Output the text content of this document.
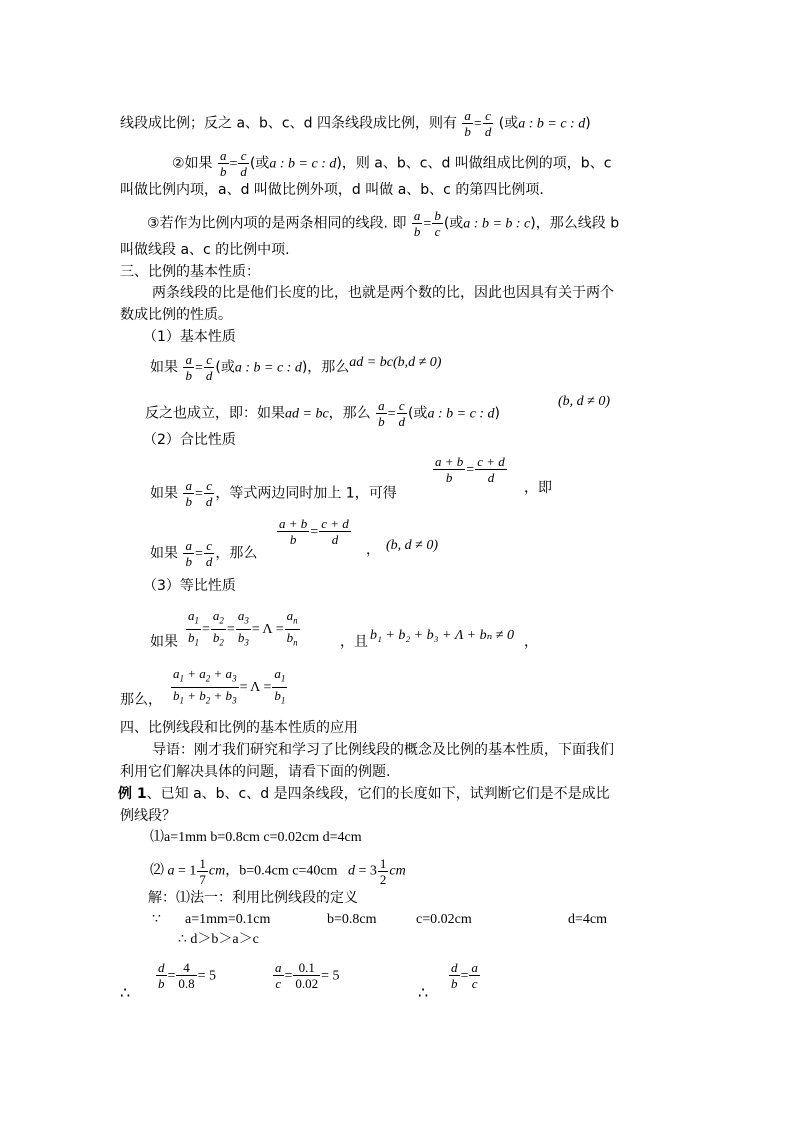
线段成比例；反之 a、b、c、d 四条线段成比例，则有 $\frac{a}{b} = \frac{c}{d}$ (或a : b = c : d)
②如果 $\frac{a}{b} = \frac{c}{d}$ (或a : b = c : d)，则 a、b、c、d 叫做组成比例的项，b、c
叫做比例内项，a、d 叫做比例外项，d 叫做 a、b、c 的第四比例项.
③若作为比例内项的是两条相同的线段. 即 $\frac{a}{b} = \frac{b}{c}$ (或a : b = b : c)，那么线段 b
叫做线段 a、c 的比例中项.
三、比例的基本性质：
两条线段的比是他们长度的比，也就是两个数的比，因此也因具有关于两个
数成比例的性质。
（1）基本性质
如果 $\frac{a}{b} = \frac{c}{d}$ (或a : b = c : d)，那么ad = bc(b,d ≠ 0)
反之也成立，即：如果ad = bc，那么 $\frac{a}{b} = \frac{c}{d}$ (或a : b = c : d)
(b, d ≠ 0)
（2）合比性质
如果 $\frac{a}{b} = \frac{c}{d}$ ，等式两边同时加上 1，可得
$\frac{a + b}{b} = \frac{c + d}{d}$
，即
如果 $\frac{a}{b} = \frac{c}{d}$ ，那么
$\frac{a + b}{b} = \frac{c + d}{d}$
， (b, d ≠ 0)
（3）等比性质
$\frac{a_1}{b_1} = \frac{a_2}{b_2} = \frac{a_3}{b_3} = \Lambda = \frac{a_n}{b_n}$
如果	，且 b₁ + b₂ + b₃ + Λ + bₙ ≠ 0 ，
$\frac{a_1 + a_2 + a_3}{b_1 + b_2 + b_3} = \Lambda = \frac{a_1}{b_1}$
那么，
四、比例线段和比例的基本性质的应用
导语：刚才我们研究和学习了比例线段的概念及比例的基本性质，下面我们
利用它们解决具体的问题，请看下面的例题.
例 1、已知 a、b、c、d 是四条线段，它们的长度如下，试判断它们是不是成比
例线段？
⑴a=1mm b=0.8cm c=0.02cm d=4cm
⑵ $a = 1 \frac{1}{7}$ cm，b=0.4cm c=40cm $d = 3 \frac{1}{2}$ cm
解：⑴法一：利用比例线段的定义
∵ a=1mm=0.1cm	b=0.8cm	c=0.02cm	d=4cm
∴ d＞b＞a＞c
$\frac{d}{b} = \frac{4}{0.8} = 5$	$\frac{a}{c} = \frac{0.1}{0.02} = 5$	$\frac{d}{b} = \frac{a}{c}$
∴	∴
